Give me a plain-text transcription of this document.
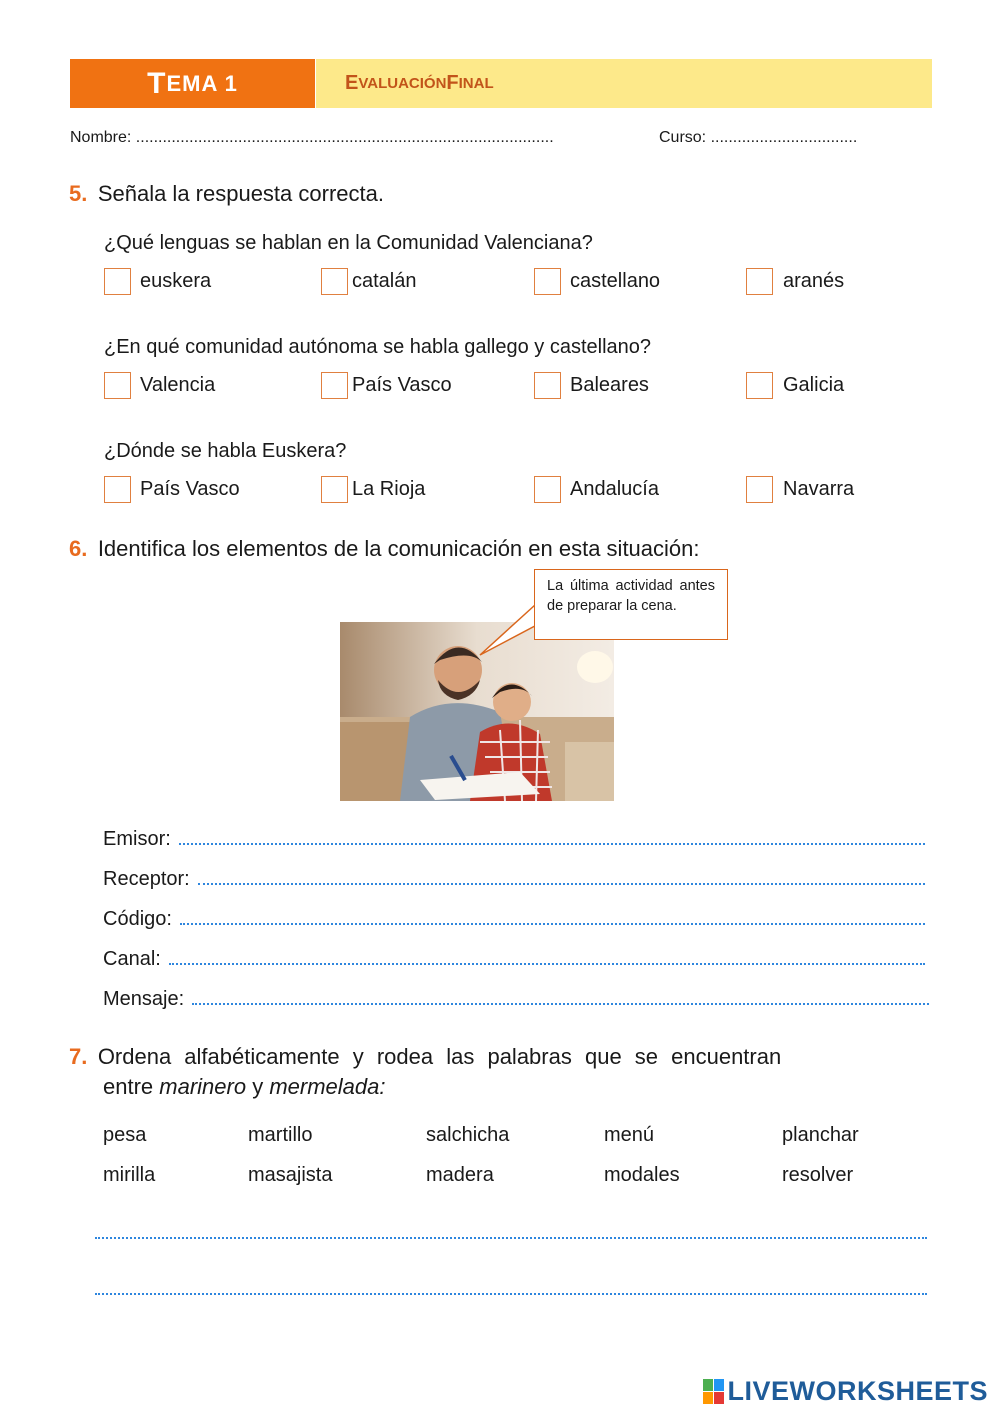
T EMA 1	E VALUACIÓN F INAL
Nombre: ..............................................................................................	Curso: .................................
5. Señala la respuesta correcta.
¿Qué lenguas se hablan en la Comunidad Valenciana?
euskera	catalán	castellano	aranés
¿En qué comunidad autónoma se habla gallego y castellano?
Valencia	País Vasco	Baleares	Galicia
¿Dónde se habla Euskera?
País Vasco	La Rioja	Andalucía	Navarra
6. Identifica los elementos de la comunicación en esta situación:
La última actividad antes de preparar la cena.
Emisor:
Receptor:
Código:
Canal:
Mensaje:
7. Ordena alfabéticamente y rodea las palabras que se encuentran
entre marinero y mermelada:
pesa	martillo	salchicha	menú	planchar
mirilla	masajista	madera	modales	resolver
LIVEWORKSHEETS
